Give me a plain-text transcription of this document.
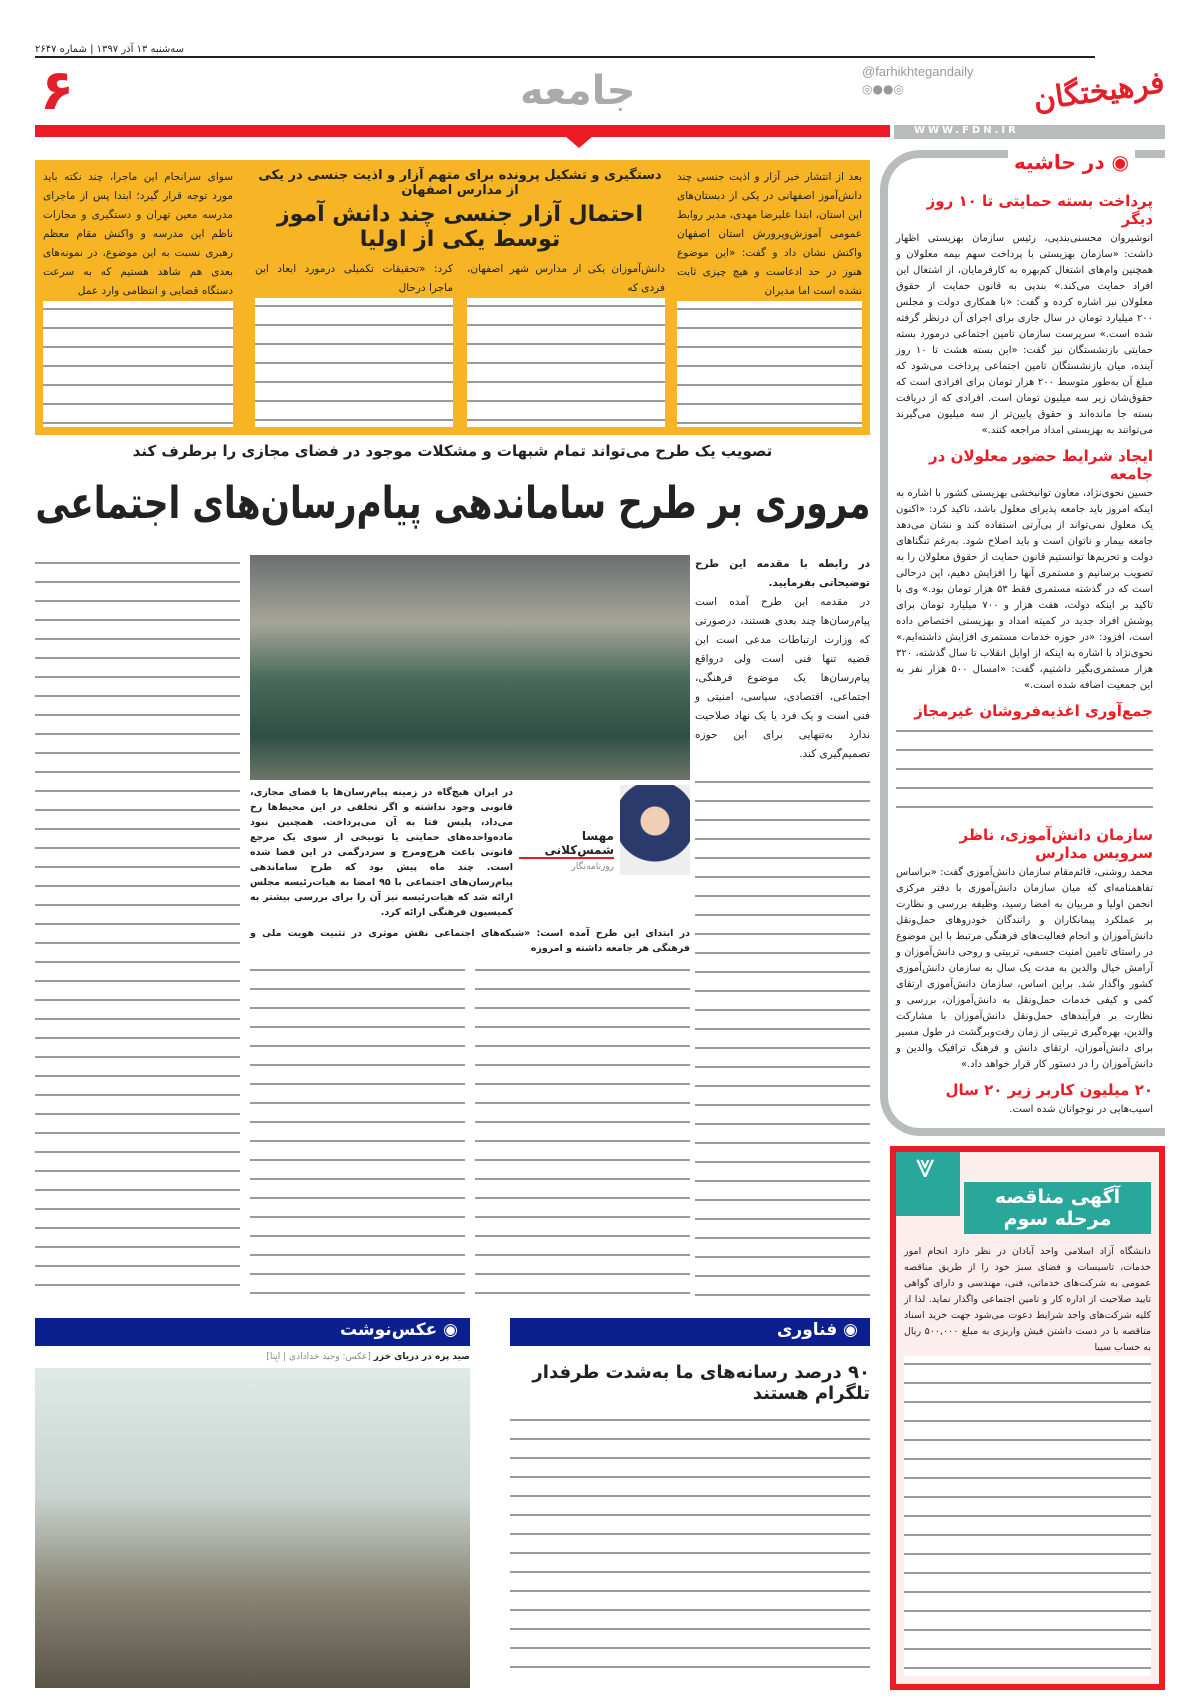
سه‌شنبه ۱۳ آذر ۱۳۹۷ | شماره ۲۶۴۷
فرهیختگان
@farhikhtegandaily
◎●●◎
جامعه
۶
WWW.FDN.IR

بعد از انتشار خبر آزار و اذیت جنسی چند دانش‌آموز اصفهانی در یکی از دبستان‌های این استان، ابتدا علیرضا مهدی، مدیر روابط عمومی آموزش‌وپرورش استان اصفهان واکنش نشان داد و گفت: «این موضوع هنوز در حد ادعاست و هیچ چیزی ثابت نشده است اما مدیران

دستگیری و تشکیل پرونده برای متهم آزار و اذیت جنسی در یکی از مدارس اصفهان
احتمال آزار جنسی چند دانش آموز توسط یکی از اولیا

دانش‌آموزان یکی از مدارس شهر اصفهان، فردی که

کرد: «تحقیقات تکمیلی درمورد ابعاد این ماجرا درحال

سوای سرانجام این ماجرا، چند نکته باید مورد توجه قرار گیرد؛ ابتدا پس از ماجرای مدرسه معین تهران و دستگیری و مجازات ناظم این مدرسه و واکنش مقام معظم رهبری نسبت به این موضوع، در نمونه‌های بعدی هم شاهد هستیم که به سرعت دستگاه قضایی و انتظامی وارد عمل

تصویب یک طرح می‌تواند تمام شبهات و مشکلات موجود در فضای مجازی را برطرف کند
مروری بر طرح ساماندهی پیام‌رسان‌های اجتماعی

در رابطه با مقدمه این طرح توضیحاتی بفرمایید.

در مقدمه این طرح آمده است پیام‌رسان‌ها چند بعدی هستند، درصورتی که وزارت ارتباطات مدعی است این قضیه تنها فنی است ولی درواقع پیام‌رسان‌ها یک موضوع فرهنگی، اجتماعی، اقتصادی، سیاسی، امنیتی و فنی است و یک فرد یا یک نهاد صلاحیت ندارد به‌تنهایی برای این حوزه تصمیم‌گیری کند.

مهسا شمس‌کلانی
روزنامه‌نگار

در ایران هیچ‌گاه در زمینه پیام‌رسان‌ها یا فضای مجازی، قانونی وجود نداشته و اگر تخلفی در این محیط‌ها رخ می‌داد، پلیس فتا به آن می‌پرداخت. همچنین نبود ماده‌واحده‌های حمایتی یا توبیخی از سوی یک مرجع قانونی باعث هرج‌ومرج و سردرگمی در این فضا شده است. چند ماه پیش بود که طرح ساماندهی پیام‌رسان‌های اجتماعی با ۹۵ امضا به هیات‌رئیسه مجلس ارائه شد که هیات‌رئیسه نیز آن را برای بررسی بیشتر به کمیسیون فرهنگی ارائه کرد.

در ابتدای این طرح آمده است: «شبکه‌های اجتماعی نقش موثری در تثبیت هویت ملی و فرهنگی هر جامعه داشته و امروزه

پرداخت بسته حمایتی تا ۱۰ روز دیگر

انوشیروان محسنی‌بندپی، رئیس سازمان بهزیستی اظهار داشت: «سازمان بهزیستی با پرداخت سهم بیمه معلولان و همچنین وام‌های اشتغال کم‌بهره به کارفرمایان، از اشتغال این افراد حمایت می‌کند.» بندپی به قانون حمایت از حقوق معلولان نیز اشاره کرده و گفت: «با همکاری دولت و مجلس ۲۰۰ میلیارد تومان در سال جاری برای اجرای آن درنظر گرفته شده است.» سرپرست سازمان تامین اجتماعی درمورد بسته حمایتی بازنشستگان نیز گفت: «این بسته هشت تا ۱۰ روز آینده، میان بازنشستگان تامین اجتماعی پرداخت می‌شود که مبلغ آن به‌طور متوسط ۲۰۰ هزار تومان برای افرادی است که حقوق‌شان زیر سه میلیون تومان است. افرادی که از دریافت بسته جا مانده‌اند و حقوق پایین‌تر از سه میلیون می‌گیرند می‌توانند به بهزیستی امداد مراجعه کنند.»

ایجاد شرایط حضور معلولان در جامعه

حسین نحوی‌نژاد، معاون توانبخشی بهزیستی کشور با اشاره به اینکه امروز باید جامعه پذیرای معلول باشد، تاکید کرد: «اکنون یک معلول نمی‌تواند از بی‌آرتی استفاده کند و نشان می‌دهد جامعه بیمار و ناتوان است و باید اصلاح شود. به‌رغم تنگناهای دولت و تحریم‌ها توانستیم قانون حمایت از حقوق معلولان را به تصویب برسانیم و مستمری آنها را افزایش دهیم، این درحالی است که در گذشته مستمری فقط ۵۳ هزار تومان بود.» وی با تاکید بر اینکه دولت، هفت هزار و ۷۰۰ میلیارد تومان برای پوشش افراد جدید در کمیته امداد و بهزیستی اختصاص داده است، افزود: «در حوزه خدمات مستمری افزایش داشته‌ایم.» نحوی‌نژاد با اشاره به اینکه از اوایل انقلاب تا سال گذشته، ۳۲۰ هزار مستمری‌بگیر داشتیم، گفت: «امسال ۵۰۰ هزار نفر به این جمعیت اضافه شده است.»

جمع‌آوری اغذیه‌فروشان غیرمجاز
سازمان دانش‌آموزی، ناظر سرویس مدارس

محمد روشنی، قائم‌مقام سازمان دانش‌آموزی گفت: «براساس تفاهمنامه‌ای که میان سازمان دانش‌آموزی با دفتر مرکزی انجمن اولیا و مربیان به امضا رسید، وظیفه بررسی و نظارت بر عملکرد پیمانکاران و رانندگان خودروهای حمل‌ونقل دانش‌آموزان و انجام فعالیت‌های فرهنگی مرتبط با این موضوع در راستای تامین امنیت جسمی، تربیتی و روحی دانش‌آموزان و آرامش خیال والدین به مدت یک سال به سازمان دانش‌آموزی کشور واگذار شد. براین اساس، سازمان دانش‌آموزی ارتقای کمی و کیفی خدمات حمل‌ونقل به دانش‌آموزان، بررسی و نظارت بر فرآیندهای حمل‌ونقل دانش‌آموزان با مشارکت والدین، بهره‌گیری تربیتی از زمان رفت‌وبرگشت در طول مسیر برای دانش‌آموزان، ارتقای دانش و فرهنگ ترافیک والدین و دانش‌آموزان را در دستور کار قرار خواهد داد.»

۲۰ میلیون کاربر زیر ۲۰ سال

اسیب‌هایی در نوجوانان شده است.

◉ در حاشیه
⩔
آگهی مناقصه مرحله سوم

دانشگاه آزاد اسلامی واحد آبادان در نظر دارد انجام امور خدمات، تاسیسات و فضای سبز خود را از طریق مناقصه عمومی به شرکت‌های خدماتی، فنی، مهندسی و دارای گواهی تایید صلاحیت از اداره کار و تامین اجتماعی واگذار نماید. لذا از کلیه شرکت‌های واجد شرایط دعوت می‌شود جهت خرید اسناد مناقصه با در دست داشتن فیش واریزی به مبلغ ۵۰۰,۰۰۰ ریال به حساب سیبا

◉ فناوری
۹۰ درصد رسانه‌های ما به‌شدت طرفدار تلگرام هستند
◉ عکس‌نوشت
صید پره در دریای خزر [عکس: وحید خدادادی | ایِنا]
